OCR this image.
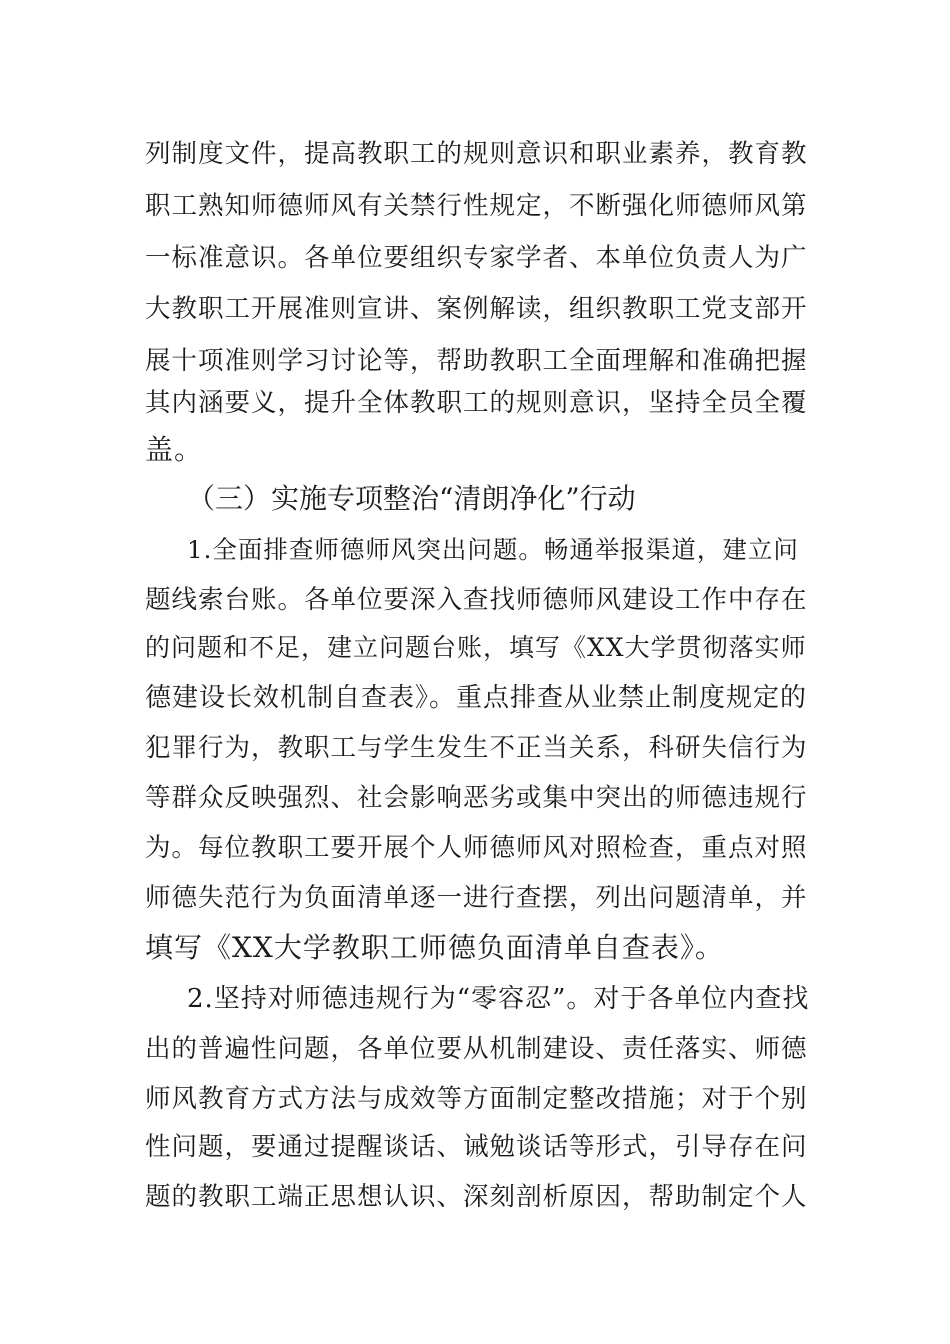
列制度文件，提高教职工的规则意识和职业素养，教育教
职工熟知师德师风有关禁行性规定，不断强化师德师风第
一标准意识。各单位要组织专家学者、本单位负责人为广
大教职工开展准则宣讲、案例解读，组织教职工党支部开
展十项准则学习讨论等，帮助教职工全面理解和准确把握
其内涵要义，提升全体教职工的规则意识，坚持全员全覆
盖。
（三）实施专项整治“清朗净化”行动
1.全面排查师德师风突出问题。畅通举报渠道，建立问
题线索台账。各单位要深入查找师德师风建设工作中存在
的问题和不足，建立问题台账，填写《XX大学贯彻落实师
德建设长效机制自查表》。重点排查从业禁止制度规定的
犯罪行为，教职工与学生发生不正当关系，科研失信行为
等群众反映强烈、社会影响恶劣或集中突出的师德违规行
为。每位教职工要开展个人师德师风对照检查，重点对照
师德失范行为负面清单逐一进行查摆，列出问题清单，并
填写《XX大学教职工师德负面清单自查表》。
2.坚持对师德违规行为“零容忍”。对于各单位内查找
出的普遍性问题，各单位要从机制建设、责任落实、师德
师风教育方式方法与成效等方面制定整改措施；对于个别
性问题，要通过提醒谈话、诫勉谈话等形式，引导存在问
题的教职工端正思想认识、深刻剖析原因，帮助制定个人
